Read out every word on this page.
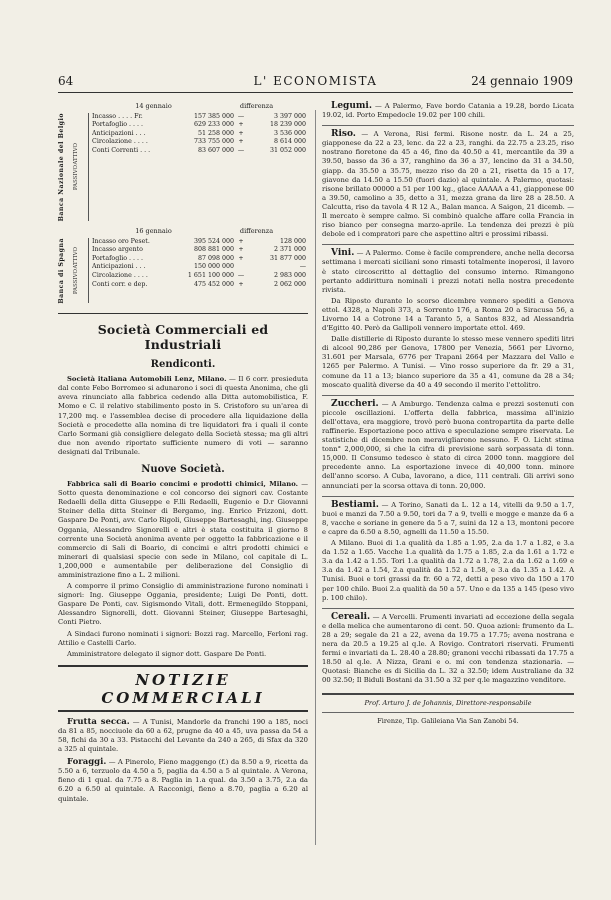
64	L' ECONOMISTA	24 gennaio 1909
14 gennaio	differenza
Banca Nazionale del Belgio	ATTIVO
PASSIVO
Incasso . . . . Fr.	157 385 000 —	3 397 000
Portafoglio . . . .	629 233 000 +	18 239 000
Anticipazioni . . .	51 258 000 +	3 536 000
Circolazione . . . .	733 755 000 +	8 614 000
Conti Correnti . . .	83 607 000 —	31 052 000
16 gennaio	differenza
Banca di Spagna	ATTIVO
PASSIVO
Incasso oro Peset.	395 524 000 +	128 000
Incasso argento	808 881 000 +	2 371 000
Portafoglio . . . .	87 098 000 +	31 877 000
Anticipazioni . . .	150 000 000	—
Circolazione . . . .	1 651 100 000 —	2 983 000
Conti corr. e dep.	475 452 000 +	2 062 000
Società Commerciali ed Industriali
Rendiconti.

Società italiana Automobili Lenz, Milano. — Il 6 corr. presieduta dal conte Febo Borromeo si adunarono i soci di questa Anonima, che gli aveva rinunciato alla fabbrica cedendo alla Ditta automobilistica, F. Momo e C. il relativo stabilimento posto in S. Cristoforo su un'area di 17,200 mq. e l'assemblea decise di procedere alla liquidazione della Società e procedette alla nomina di tre liquidatori fra i quali il conte Carlo Sormani già consigliere delegato della Società stessa; ma gli altri due non avendo riportato sufficiente numero di voti — saranno designati dal Tribunale.

Nuove Società.

Fabbrica sali di Boario concimi e prodotti chimici, Milano. — Sotto questa denominazione e col concorso dei signori cav. Costante Redaelli della ditta Giuseppe e F.lli Redaelli, Eugenio e D.r Giovanni Steiner della ditta Steiner di Bergamo, ing. Enrico Frizzoni, dott. Gaspare De Ponti, avv. Carlo Rigoli, Giuseppe Bartesaghi, ing. Giuseppe Oggania, Alessandro Signorelli e altri è stata costituita il giorno 8 corrente una Società anonima avente per oggetto la fabbricazione e il commercio di Sali di Boario, di concimi e altri prodotti chimici e minerari di qualsiasi specie con sede in Milano, col capitale di L. 1,200,000 e aumentabile per deliberazione del Consiglio di amministrazione fino a L. 2 milioni.

A comporre il primo Consiglio di amministrazione furono nominati i signori: Ing. Giuseppe Oggania, presidente; Luigi De Ponti, dott. Gaspare De Ponti, cav. Sigismondo Vitali, dott. Ermenegildo Stoppani, Alessandro Signorelli, dott. Giovanni Steiner, Giuseppe Bartesaghi, Conti Pietro.

A Sindaci furono nominati i signori: Bozzi rag. Marcello, Ferloni rag. Attilio e Castelli Carlo.

Amministratore delegato il signor dott. Gaspare De Ponti.

NOTIZIE COMMERCIALI

Frutta secca. — A Tunisi, Mandorle da franchi 190 a 185, noci da 81 a 85, nocciuole da 60 a 62, prugne da 40 a 45, uva passa da 54 a 58, fichi da 30 a 33. Pistacchi del Levante da 240 a 265, di Sfax da 320 a 325 al quintale.

Foraggi. — A Pinerolo, Fieno maggengo (f.) da 8.50 a 9, ricetta da 5.50 a 6, terzuolo da 4.50 a 5, paglia da 4.50 a 5 al quintale. A Verona, fieno di 1 qual. da 7.75 a 8. Paglia in 1.a qual. da 3.50 a 3.75, 2.a da 6.20 a 6.50 al quintale. A Racconigi, fieno a 8.70, paglia a 6.20 al quintale.

Legumi. — A Palermo, Fave bordo Catania a 19.28, bordo Licata 19.02, id. Porto Empedocle 19.02 per 100 chili.

Riso. — A Verona, Risi fermi. Risone nostr. da L. 24 a 25, giapponese da 22 a 23, lenc. da 22 a 23, ranghi. da 22.75 a 23.25, riso nostrano fioretone da 45 a 46, fino da 40.50 a 41, mercantile da 39 a 39.50, basso da 36 a 37, ranghino da 36 a 37, lencino da 31 a 34.50, giapp. da 35.50 a 35.75, mezzo riso da 20 a 21, risetta da 15 a 17, giavone da 14.50 a 15.50 (fuori dazio) al quintale. A Palermo, quotasi: risone brillato 00000 a 51 per 100 kg., glace AAAAA a 41, giapponese 00 a 39.50, camolino a 35, detto a 31, mezza grana da lire 28 a 28.50. A Calcutta, riso da tavola 4 R 12 A., Balan manca. A Saigon, 21 dicemb. — Il mercato è sempre calmo. Si combinò qualche affare colla Francia in riso bianco per consegna marzo-aprile. La tendenza dei prezzi è più debole ed i compratori pare che aspettino altri e prossimi ribassi.

Vini. — A Palermo. Come è facile comprendere, anche nella decorsa settimana i mercati siciliani sono rimasti totalmente inoperosi, il lavoro è stato circoscritto al dettaglio del consumo interno. Rimangono pertanto addirittura nominali i prezzi notati nella nostra precedente rivista.

Da Riposto durante lo scorso dicembre vennero spediti a Genova ettol. 4328, a Napoli 373, a Sorrento 176, a Roma 20 a Siracusa 56, a Livorno 14 a Cotrone 14 a Taranto 5, a Santos 832, ad Alessandria d'Egitto 40. Però da Gallipoli vennero importate ettol. 469.

Dalle distillerie di Riposto durante lo stesso mese vennero spediti litri di alcool 90,286 per Genova, 17800 per Venezia, 5661 per Livorno, 31.601 per Marsala, 6776 per Trapani 2664 per Mazzara del Vallo e 1265 per Palermo. A Tunisi. — Vino rosso superiore da fr. 29 a 31, comune da 11 a 13; bianco superiore da 35 a 41, comune da 28 a 34; moscato qualità diverse da 40 a 49 secondo il merito l'ettolitro.

Zuccheri. — A Amburgo. Tendenza calma e prezzi sostenuti con piccole oscillazioni. L'offerta della fabbrica, massima all'inizio dell'ottava, era maggiore, trovò però buona contropartita da parte delle raffinerie. Esportazione poco attiva e speculazione sempre riservata. Le statistiche di dicembre non meravigliarono nessuno. F. O. Licht stima tonn° 2,000,000, si che la cifra di previsione sarà sorpassata di tonn. 15,000. Il Consumo tedesco è stato di circa 2000 tonn. maggiore del precedente anno. La esportazione invece di 40,000 tonn. minore dell'anno scorso. A Cuba, lavorano, a dice, 111 centrali. Gli arrivi sono annunciati per la scorsa ottava di tonn. 20,000.

Bestiami. — A Torino, Sanati da L. 12 a 14, vitelli da 9.50 a 1.7, buoi e manzi da 7.50 a 9.50, tori da 7 a 9, tvelli e mogge e manze da 6 a 8, vacche e soriane in genere da 5 a 7, suini da 12 a 13, montoni pecore e capre da 6.50 a 8.50, agnelli da 11.50 a 15.50.

A Milano. Buoi di 1.a qualità da 1.85 a 1.95, 2.a da 1.7 a 1.82, e 3.a da 1.52 a 1.65. Vacche 1.a qualità da 1.75 a 1.85, 2.a da 1.61 a 1.72 e 3.a da 1.42 a 1.55. Tori 1.a qualità da 1.72 a 1.78, 2.a da 1.62 a 1.69 e 3.a da 1.42 a 1.54, 2.a qualità da 1.52 a 1.58, e 3.a da 1.35 a 1.42. A Tunisi. Buoi e tori grassi da fr. 60 a 72, detti a peso vivo da 150 a 170 per 100 chilo. Buoi 2.a qualità da 50 a 57. Uno e da 135 a 145 (peso vivo p. 100 chilo).

Cereali. — A Vercelli. Frumenti invariati ad eccezione della segala e della melica che aumentarono di cent. 50. Quoa azioni: frumento da L. 28 a 29; segale da 21 a 22, avena da 19.75 a 17.75; avena nostrana e nera da 20.5 a 19.25 al q.le. A Rovigo. Contratori riservati. Frumenti fermi e invariati da L. 28.40 a 28.80; granoni vecchi ribassati da 17.75 a 18.50 al q.le. A Nizza, Grani e o. mi con tendenza stazionaria. — Quotasi: Bianche es di Sicilia da L. 32 a 32.50; idem Australiane da 32 00 32.50; Il Biduli Bostani da 31.50 a 32 per q.le magazzino venditore.

Prof. Arturo J. de Johannis, Direttore-responsabile
Firenze, Tip. Galileiana Via San Zanobi 54.
